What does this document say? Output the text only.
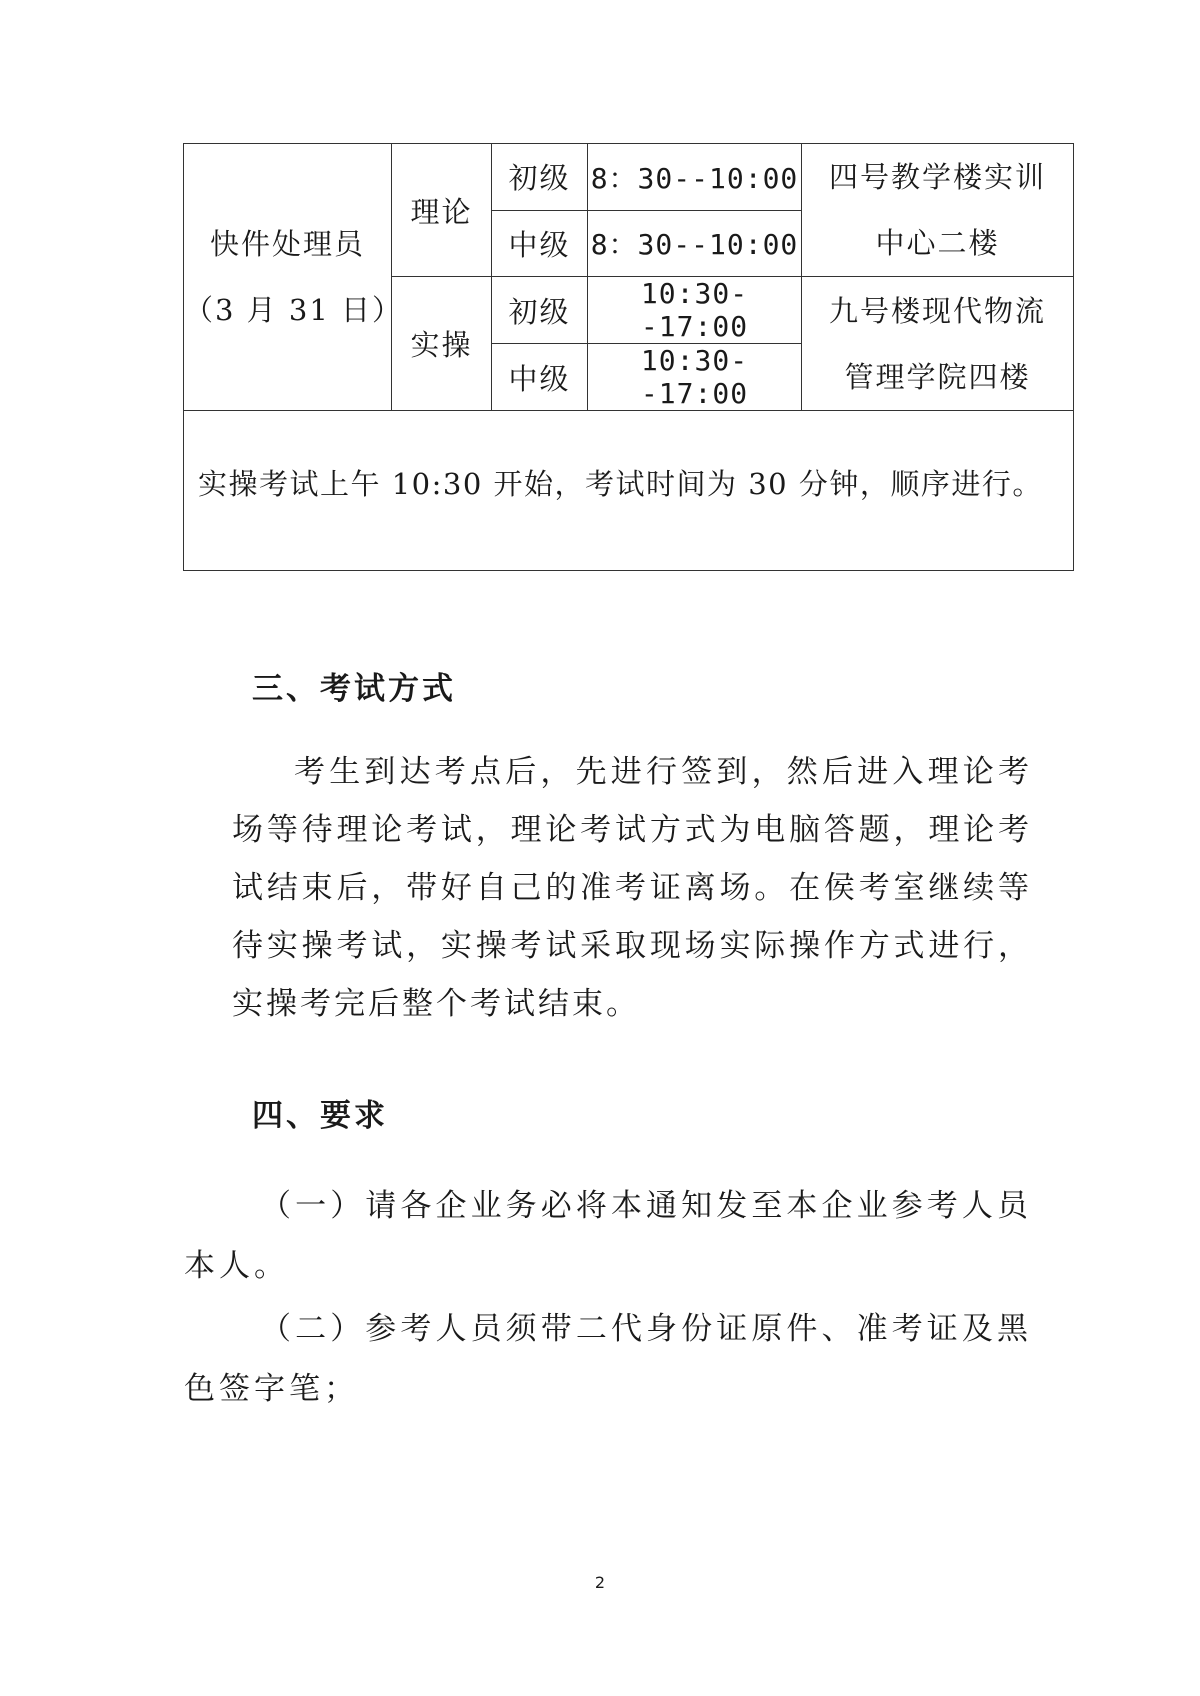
快件处理员
（3 月 31 日）	理论	初级	8：30--10:00	四号教学楼实训
中心二楼

		中级	8：30--10:00	
	实操	初级	10:30--17:00	九号楼现代物流
管理学院四楼

		中级	10:30--17:00	
实操考试上午 10:30 开始，考试时间为 30 分钟，顺序进行。				
三、考试方式
考生到达考点后，先进行签到，然后进入理论考场等待理论考试，理论考试方式为电脑答题，理论考试结束后，带好自己的准考证离场。在侯考室继续等待实操考试，实操考试采取现场实际操作方式进行，实操考完后整个考试结束。
四、要求
（一）请各企业务必将本通知发至本企业参考人员本人。
（二）参考人员须带二代身份证原件、准考证及黑色签字笔；
2
